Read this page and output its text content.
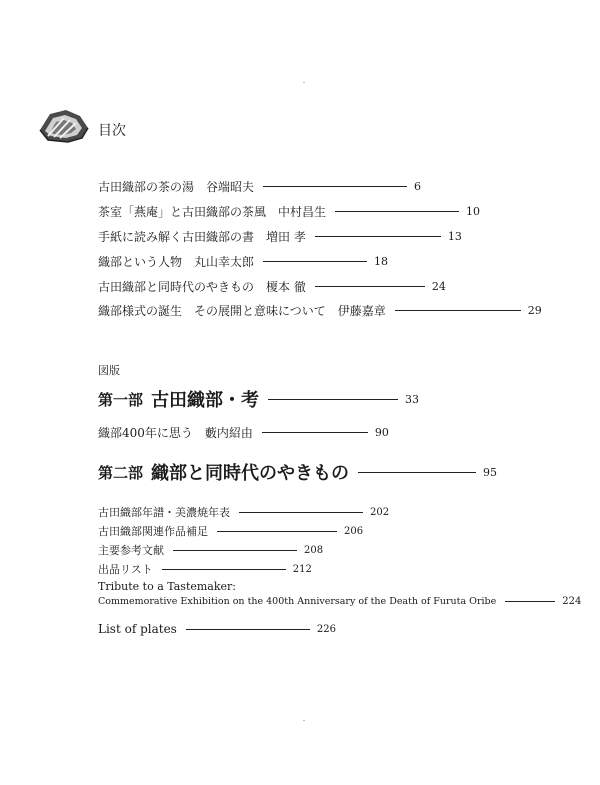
目次
古田織部の茶の湯 谷端昭夫	6
茶室「燕庵」と古田織部の茶風 中村昌生	10
手紙に読み解く古田織部の書 増田 孝	13
織部という人物 丸山幸太郎	18
古田織部と同時代のやきもの 榎本 徹	24
織部様式の誕生　その展開と意味について 伊藤嘉章	29
図版
第一部 古田織部・考	33
織部400年に思う 藪内紹由	90
第二部 織部と同時代のやきもの	95
古田織部年譜・美濃焼年表	202
古田織部関連作品補足	206
主要参考文献	208
出品リスト	212
Tribute to a Tastemaker:
Commemorative Exhibition on the 400th Anniversary of the Death of Furuta Oribe	224
List of plates	226
